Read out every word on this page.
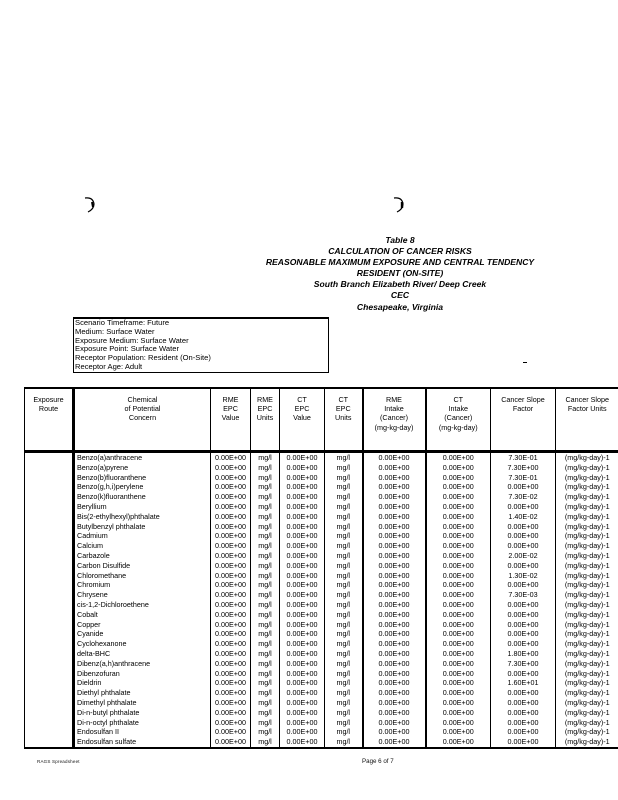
Table 8
CALCULATION OF CANCER RISKS
REASONABLE MAXIMUM EXPOSURE AND CENTRAL TENDENCY
RESIDENT (ON-SITE)
South Branch Elizabeth River/ Deep Creek
CEC
Chesapeake, Virginia
Scenario Timeframe: Future
Medium: Surface Water
Exposure Medium: Surface Water
Exposure Point: Surface Water
Receptor Population: Resident (On-Site)
Receptor Age: Adult
Exposure
Route	Chemical
of Potential
Concern	RME
EPC
Value	RME
EPC
Units	CT
EPC
Value	CT
EPC
Units	RME
Intake
(Cancer)
(mg-kg-day)	CT
Intake
(Cancer)
(mg-kg-day)	Cancer Slope
Factor	Cancer Slope
Factor Units

	Benzo(a)anthracene	0.00E+00	mg/l	0.00E+00	mg/l	0.00E+00	0.00E+00	7.30E-01	(mg/kg-day)-1
	Benzo(a)pyrene	0.00E+00	mg/l	0.00E+00	mg/l	0.00E+00	0.00E+00	7.30E+00	(mg/kg-day)-1
	Benzo(b)fluoranthene	0.00E+00	mg/l	0.00E+00	mg/l	0.00E+00	0.00E+00	7.30E-01	(mg/kg-day)-1
	Benzo(g,h,i)perylene	0.00E+00	mg/l	0.00E+00	mg/l	0.00E+00	0.00E+00	0.00E+00	(mg/kg-day)-1
	Benzo(k)fluoranthene	0.00E+00	mg/l	0.00E+00	mg/l	0.00E+00	0.00E+00	7.30E-02	(mg/kg-day)-1
	Beryllium	0.00E+00	mg/l	0.00E+00	mg/l	0.00E+00	0.00E+00	0.00E+00	(mg/kg-day)-1
	Bis(2-ethylhexyl)phthalate	0.00E+00	mg/l	0.00E+00	mg/l	0.00E+00	0.00E+00	1.40E-02	(mg/kg-day)-1
	Butylbenzyl phthalate	0.00E+00	mg/l	0.00E+00	mg/l	0.00E+00	0.00E+00	0.00E+00	(mg/kg-day)-1
	Cadmium	0.00E+00	mg/l	0.00E+00	mg/l	0.00E+00	0.00E+00	0.00E+00	(mg/kg-day)-1
	Calcium	0.00E+00	mg/l	0.00E+00	mg/l	0.00E+00	0.00E+00	0.00E+00	(mg/kg-day)-1
	Carbazole	0.00E+00	mg/l	0.00E+00	mg/l	0.00E+00	0.00E+00	2.00E-02	(mg/kg-day)-1
	Carbon Disulfide	0.00E+00	mg/l	0.00E+00	mg/l	0.00E+00	0.00E+00	0.00E+00	(mg/kg-day)-1
	Chloromethane	0.00E+00	mg/l	0.00E+00	mg/l	0.00E+00	0.00E+00	1.30E-02	(mg/kg-day)-1
	Chromium	0.00E+00	mg/l	0.00E+00	mg/l	0.00E+00	0.00E+00	0.00E+00	(mg/kg-day)-1
	Chrysene	0.00E+00	mg/l	0.00E+00	mg/l	0.00E+00	0.00E+00	7.30E-03	(mg/kg-day)-1
	cis-1,2-Dichloroethene	0.00E+00	mg/l	0.00E+00	mg/l	0.00E+00	0.00E+00	0.00E+00	(mg/kg-day)-1
	Cobalt	0.00E+00	mg/l	0.00E+00	mg/l	0.00E+00	0.00E+00	0.00E+00	(mg/kg-day)-1
	Copper	0.00E+00	mg/l	0.00E+00	mg/l	0.00E+00	0.00E+00	0.00E+00	(mg/kg-day)-1
	Cyanide	0.00E+00	mg/l	0.00E+00	mg/l	0.00E+00	0.00E+00	0.00E+00	(mg/kg-day)-1
	Cyclohexanone	0.00E+00	mg/l	0.00E+00	mg/l	0.00E+00	0.00E+00	0.00E+00	(mg/kg-day)-1
	delta-BHC	0.00E+00	mg/l	0.00E+00	mg/l	0.00E+00	0.00E+00	1.80E+00	(mg/kg-day)-1
	Dibenz(a,h)anthracene	0.00E+00	mg/l	0.00E+00	mg/l	0.00E+00	0.00E+00	7.30E+00	(mg/kg-day)-1
	Dibenzofuran	0.00E+00	mg/l	0.00E+00	mg/l	0.00E+00	0.00E+00	0.00E+00	(mg/kg-day)-1
	Dieldrin	0.00E+00	mg/l	0.00E+00	mg/l	0.00E+00	0.00E+00	1.60E+01	(mg/kg-day)-1
	Diethyl phthalate	0.00E+00	mg/l	0.00E+00	mg/l	0.00E+00	0.00E+00	0.00E+00	(mg/kg-day)-1
	Dimethyl phthalate	0.00E+00	mg/l	0.00E+00	mg/l	0.00E+00	0.00E+00	0.00E+00	(mg/kg-day)-1
	Di-n-butyl phthalate	0.00E+00	mg/l	0.00E+00	mg/l	0.00E+00	0.00E+00	0.00E+00	(mg/kg-day)-1
	Di-n-octyl phthalate	0.00E+00	mg/l	0.00E+00	mg/l	0.00E+00	0.00E+00	0.00E+00	(mg/kg-day)-1
	Endosulfan II	0.00E+00	mg/l	0.00E+00	mg/l	0.00E+00	0.00E+00	0.00E+00	(mg/kg-day)-1
	Endosulfan sulfate	0.00E+00	mg/l	0.00E+00	mg/l	0.00E+00	0.00E+00	0.00E+00	(mg/kg-day)-1
RAGS Spreadsheet	Page 6 of 7
